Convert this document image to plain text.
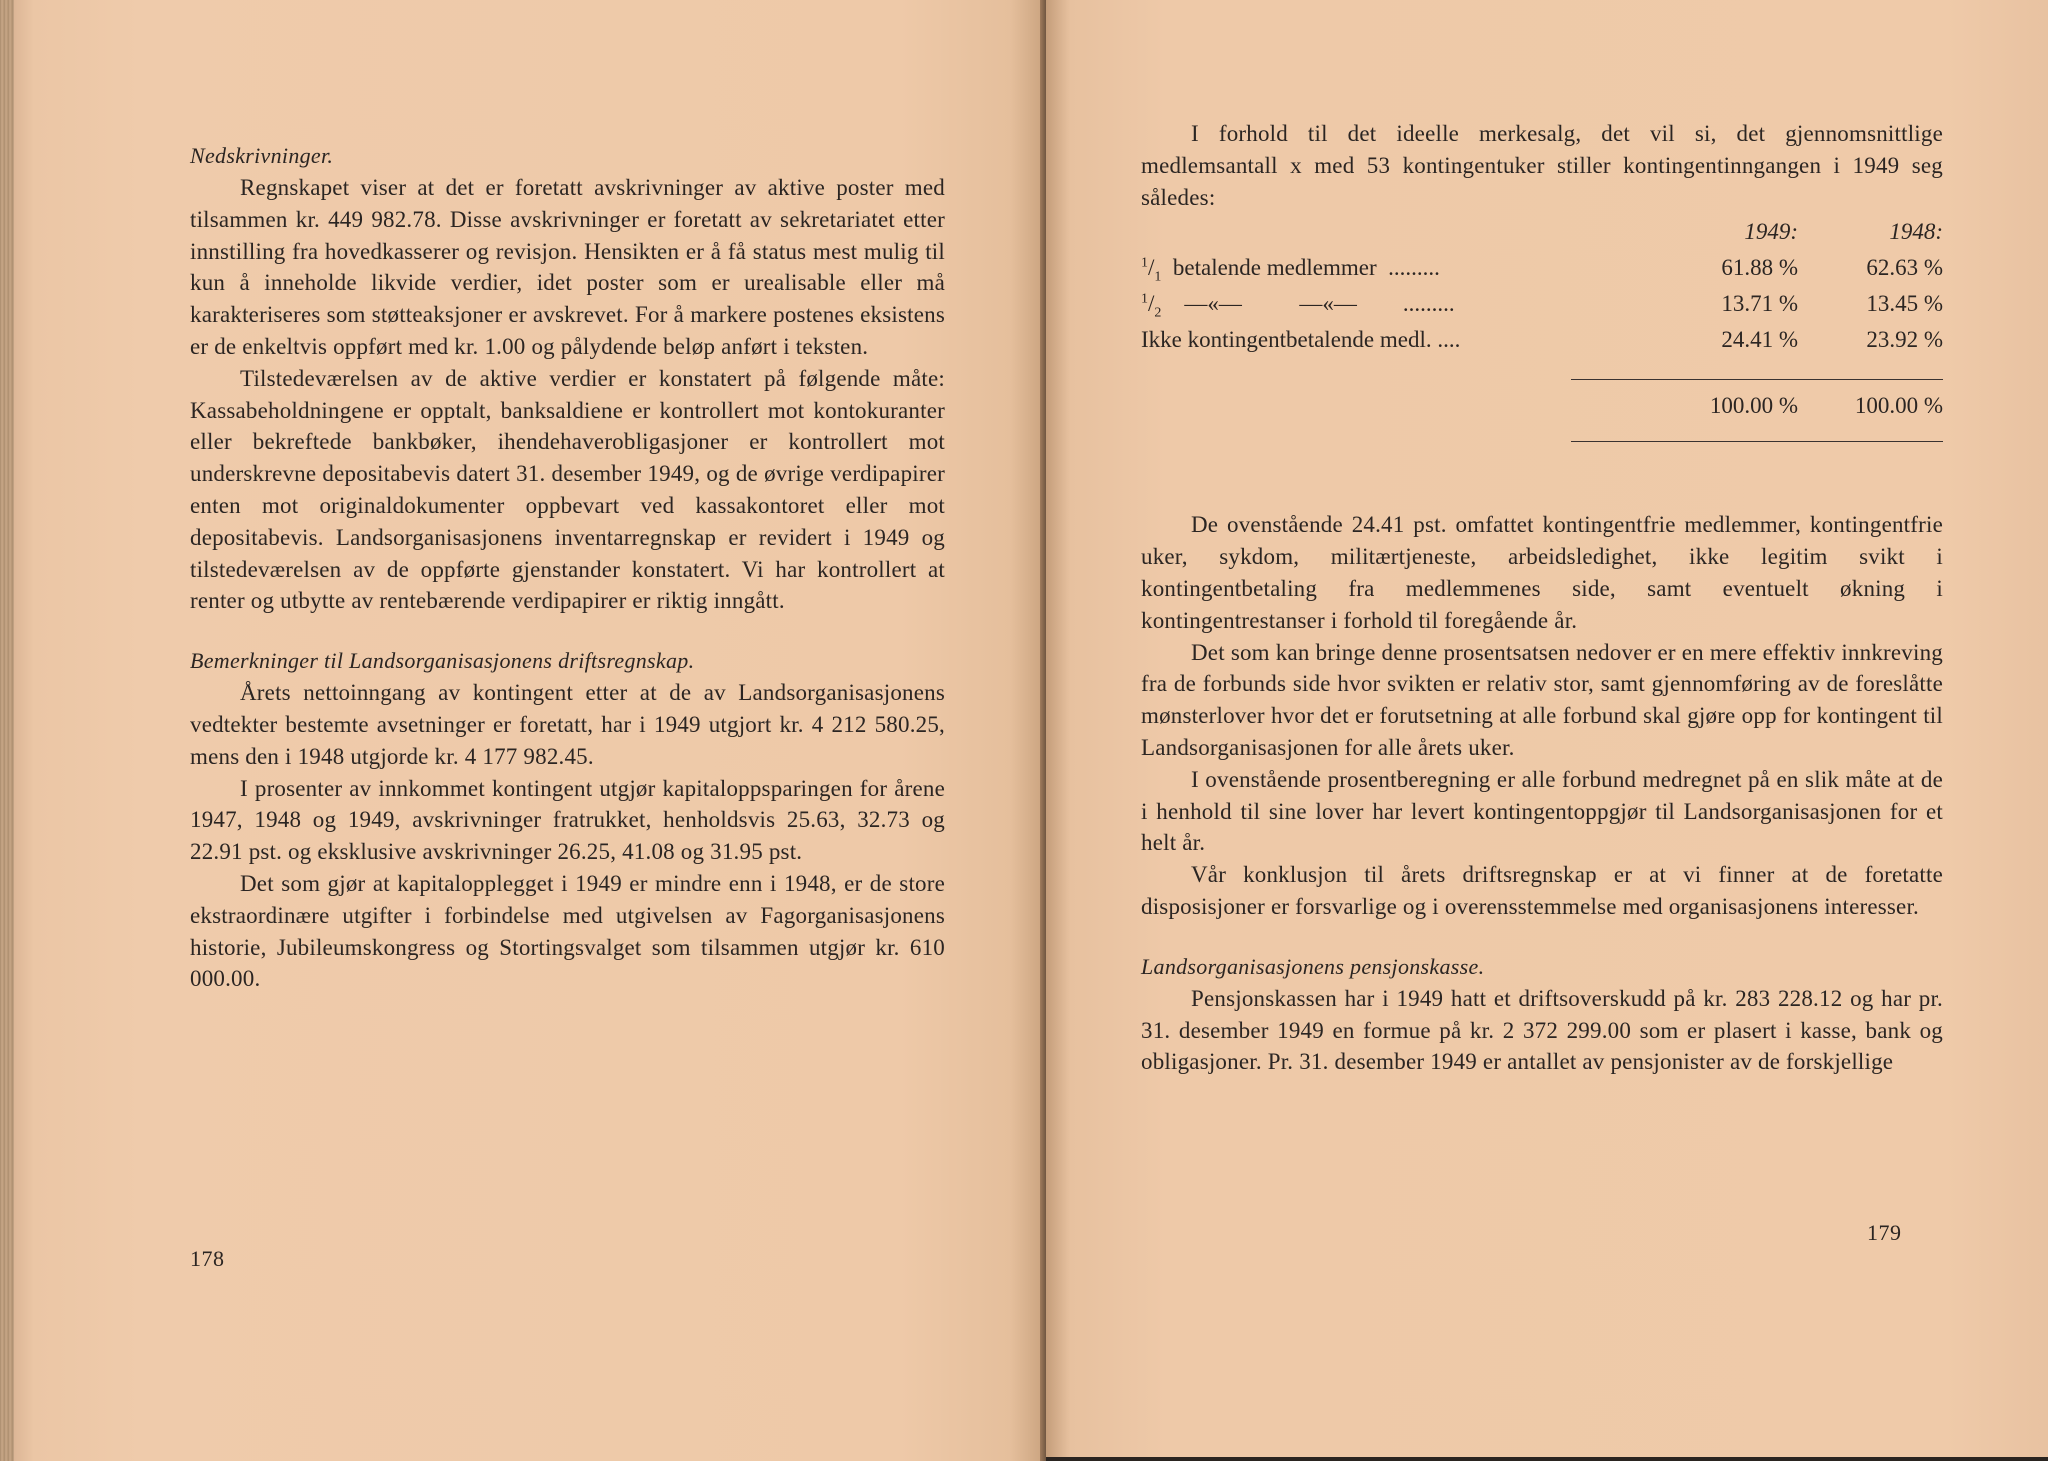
Nedskrivninger.

Regnskapet viser at det er foretatt avskrivninger av aktive poster med tilsammen kr. 449 982.78. Disse avskrivninger er foretatt av sekretariatet etter innstilling fra hovedkasserer og revisjon. Hensikten er å få status mest mulig til kun å inneholde likvide verdier, idet poster som er urealisable eller må karakteriseres som støtteaksjoner er avskrevet. For å markere postenes eksistens er de enkeltvis oppført med kr. 1.00 og pålydende beløp anført i teksten.

Tilstedeværelsen av de aktive verdier er konstatert på følgende måte: Kassabeholdningene er opptalt, banksaldiene er kontrollert mot kontokuranter eller bekreftede bankbøker, ihendehaverobligasjoner er kontrollert mot underskrevne depositabevis datert 31. desember 1949, og de øvrige verdipapirer enten mot originaldokumenter oppbevart ved kassakontoret eller mot depositabevis. Landsorganisasjonens inventarregnskap er revidert i 1949 og tilstedeværelsen av de oppførte gjenstander konstatert. Vi har kontrollert at renter og utbytte av rentebærende verdipapirer er riktig inngått.

Bemerkninger til Landsorganisasjonens driftsregnskap.

Årets nettoinngang av kontingent etter at de av Landsorganisasjonens vedtekter bestemte avsetninger er foretatt, har i 1949 utgjort kr. 4 212 580.25, mens den i 1948 utgjorde kr. 4 177 982.45.

I prosenter av innkommet kontingent utgjør kapitaloppsparingen for årene 1947, 1948 og 1949, avskrivninger fratrukket, henholdsvis 25.63, 32.73 og 22.91 pst. og eksklusive avskrivninger 26.25, 41.08 og 31.95 pst.

Det som gjør at kapitalopplegget i 1949 er mindre enn i 1948, er de store ekstraordinære utgifter i forbindelse med utgivelsen av Fagorganisasjonens historie, Jubileumskongress og Stortingsvalget som tilsammen utgjør kr. 610 000.00.

178

I forhold til det ideelle merkesalg, det vil si, det gjennomsnittlige medlemsantall x med 53 kontingentuker stiller kontingentinngangen i 1949 seg således:

1949:	1948:
$^1/_1$ betalende medlemmer .........	61.88 %	62.63 %
$^1/_2$ —«—          —«— .........	13.71 %	13.45 %
Ikke kontingentbetalende medl. ....	24.41 %	23.92 %
100.00 %	100.00 %

De ovenstående 24.41 pst. omfattet kontingentfrie medlemmer, kontingentfrie uker, sykdom, militærtjeneste, arbeidsledighet, ikke legitim svikt i kontingentbetaling fra medlemmenes side, samt eventuelt økning i kontingentrestanser i forhold til foregående år.

Det som kan bringe denne prosentsatsen nedover er en mere effektiv innkreving fra de forbunds side hvor svikten er relativ stor, samt gjennomføring av de foreslåtte mønsterlover hvor det er forutsetning at alle forbund skal gjøre opp for kontingent til Landsorganisasjonen for alle årets uker.

I ovenstående prosentberegning er alle forbund medregnet på en slik måte at de i henhold til sine lover har levert kontingentoppgjør til Landsorganisasjonen for et helt år.

Vår konklusjon til årets driftsregnskap er at vi finner at de foretatte disposisjoner er forsvarlige og i overensstemmelse med organisasjonens interesser.

Landsorganisasjonens pensjonskasse.

Pensjonskassen har i 1949 hatt et driftsoverskudd på kr. 283 228.12 og har pr. 31. desember 1949 en formue på kr. 2 372 299.00 som er plasert i kasse, bank og obligasjoner. Pr. 31. desember 1949 er antallet av pensjonister av de forskjellige

179
